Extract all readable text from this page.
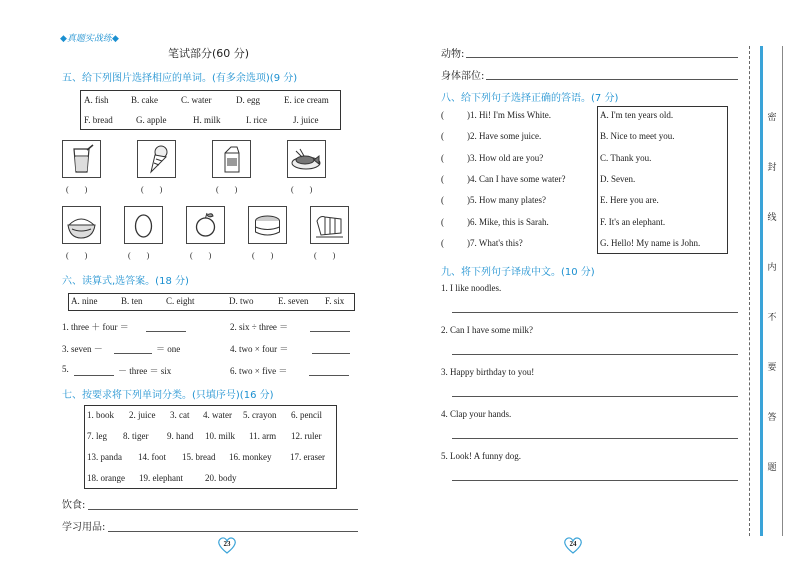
◆真题实战练◆
笔试部分(60 分)
五、给下列图片选择相应的单词。(有多余选项)(9 分)
A. fish	B. cake	C. water	D. egg	E. ice cream
F. bread	G. apple	H. milk	I. rice	J. juice
(　　)	(　　)	(　　)	(　　)
(　　)	(　　)	(　　)	(　　)	(　　)
六、读算式,选答案。(18 分)
A. nine	B. ten	C. eight	D. two	E. seven F. six
1. three ＋ four ＝	2. six ÷ three ＝
3. seven －	＝ one	4. two × four ＝
5.	－ three ＝ six	6. two × five ＝
七、按要求将下列单词分类。(只填序号)(16 分)
1. book 2. juice 3. cat 4. water 5. crayon 6. pencil
7. leg 8. tiger 9. hand 10. milk 11. arm 12. ruler
13. panda 14. foot 15. bread 16. monkey 17. eraser
18. orange 19. elephant 20. body
饮食:
学习用品:
23
动物:
身体部位:
八、给下列句子选择正确的答语。(7 分)
(	)1. Hi! I'm Miss White.	A. I'm ten years old.
(	)2. Have some juice.	B. Nice to meet you.
(	)3. How old are you?	C. Thank you.
(	)4. Can I have some water?	D. Seven.
(	)5. How many plates?	E. Here you are.
(	)6. Mike, this is Sarah.	F. It's an elephant.
(	)7. What's this?	G. Hello! My name is John.
九、将下列句子译成中文。(10 分)
1. I like noodles.
2. Can I have some milk?
3. Happy birthday to you!
4. Clap your hands.
5. Look! A funny dog.
24
密
封
线
内
不
要
答
题
